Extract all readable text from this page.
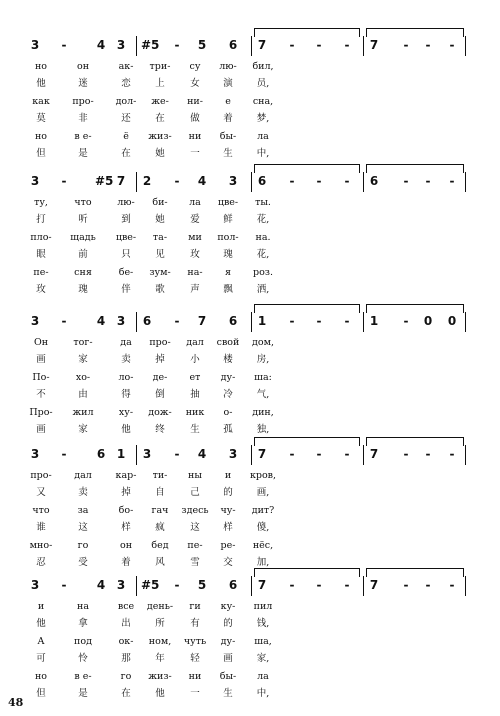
3 -	4 3 #5 - 5 6 7 - - - 7 - - -
но	он	ак-	три-	су	лю-	бил,
他	迷	恋	上	女	演	员,
как	про-	дол-	же-	ни-	е	сна,
莫	非	还	在	做	着	梦,
но	в е-	ё	жиз-	ни	бы-	ла
但	是	在	她	一	生	中,
3 - #5 7 2 - 4 3 6 - - - 6 - - -
ту,	что	лю-	би-	ла	цве-	ты.
打	听	到	她	爱	鲜	花,
пло-	щадь	цве-	та-	ми	пол-	на.
眼	前	只	见	玫	瑰	花,
пе-	сня	бе-	зум-	на-	я	роз.
玫	瑰	伴	歌	声	飘	洒,
3 -	4 3 6 - 7 6 1 - - - 1 - 0 0
Он	тог-	да	про-	дал	свой	дом,
画	家	卖	掉	小	楼	房,
По-	хо-	ло-	де-	ет	ду-	ша:
不	由	得	倒	抽	冷	气,
Про-	жил	ху-	дож-	ник	о-	дин,
画	家	他	终	生	孤	独,
3 -	6 1 3 - 4 3 7 - - - 7 - - -
про-	дал	кар-	ти-	ны	и	кров,
又	卖	掉	自	己	的	画,
что	за	бо-	гач	здесь	чу-	дит?
谁	这	样	疯	这	样	傻,
мно-	го	он	бед	пе-	ре-	нёс,
忍	受	着	风	雪	交	加,
3 -	4 3 #5 - 5 6 7 - - - 7 - - -
и	на	все	день-	ги	ку-	пил
他	拿	出	所	有	的	钱,
А	под	ок-	ном,	чуть	ду-	ша,
可	怜	那	年	轻	画	家,
но	в е-	го	жиз-	ни	бы-	ла
但	是	在	他	一	生	中,
48
